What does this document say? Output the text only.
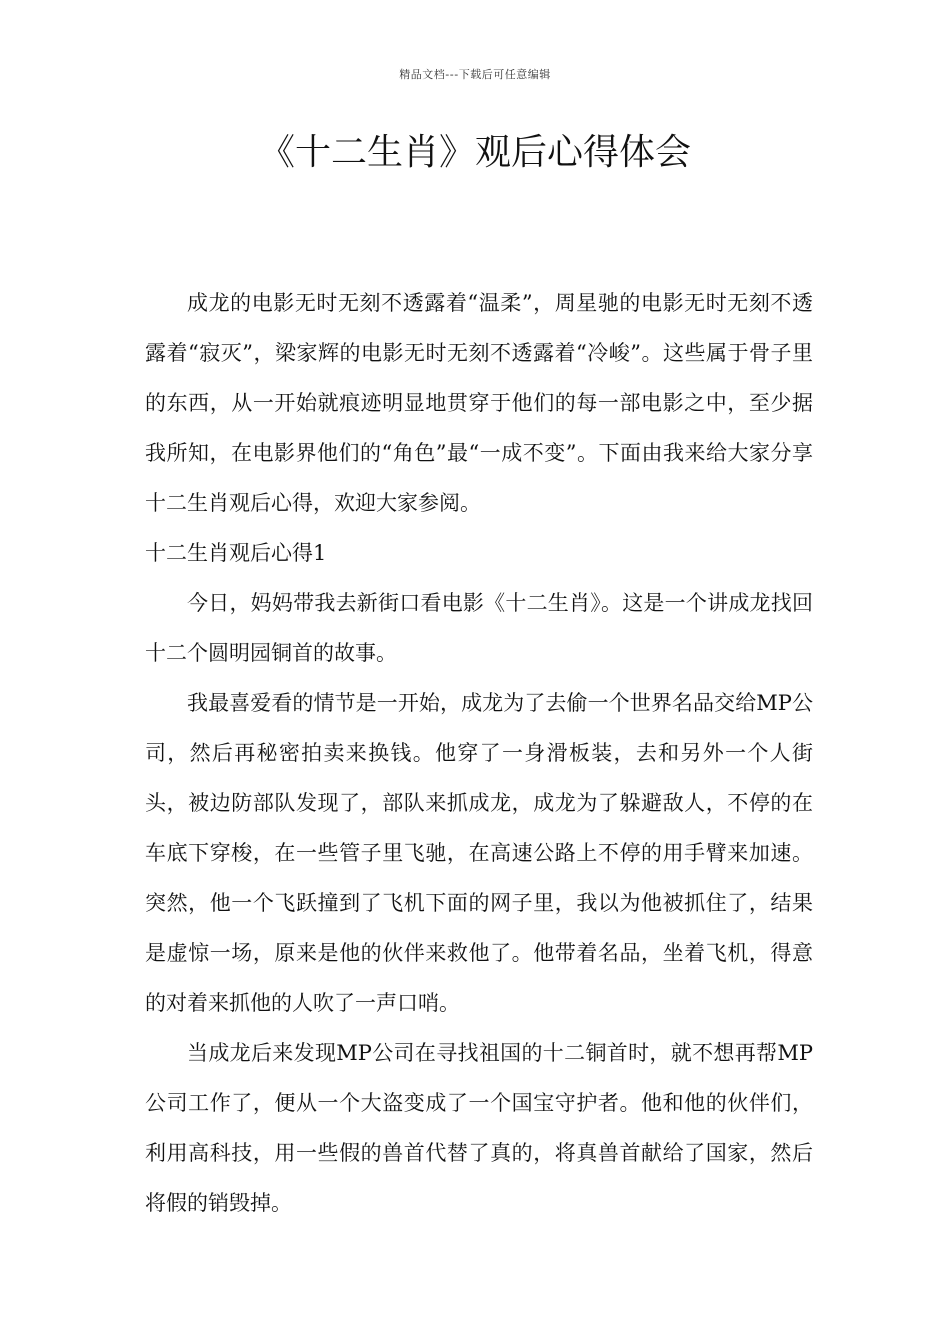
精品文档---下载后可任意编辑
《十二生肖》观后心得体会

成龙的电影无时无刻不透露着“温柔”，周星驰的电影无时无刻不透露着“寂灭”，梁家辉的电影无时无刻不透露着“冷峻”。这些属于骨子里的东西，从一开始就痕迹明显地贯穿于他们的每一部电影之中，至少据我所知，在电影界他们的“角色”最“一成不变”。下面由我来给大家分享十二生肖观后心得，欢迎大家参阅。

十二生肖观后心得1

今日，妈妈带我去新街口看电影《十二生肖》。这是一个讲成龙找回十二个圆明园铜首的故事。

我最喜爱看的情节是一开始，成龙为了去偷一个世界名品交给MP公司，然后再秘密拍卖来换钱。他穿了一身滑板装，去和另外一个人街头，被边防部队发现了，部队来抓成龙，成龙为了躲避敌人，不停的在车底下穿梭，在一些管子里飞驰，在高速公路上不停的用手臂来加速。突然，他一个飞跃撞到了飞机下面的网子里，我以为他被抓住了，结果是虚惊一场，原来是他的伙伴来救他了。他带着名品，坐着飞机，得意的对着来抓他的人吹了一声口哨。

当成龙后来发现MP公司在寻找祖国的十二铜首时，就不想再帮MP公司工作了，便从一个大盗变成了一个国宝守护者。他和他的伙伴们，利用高科技，用一些假的兽首代替了真的，将真兽首献给了国家，然后将假的销毁掉。
